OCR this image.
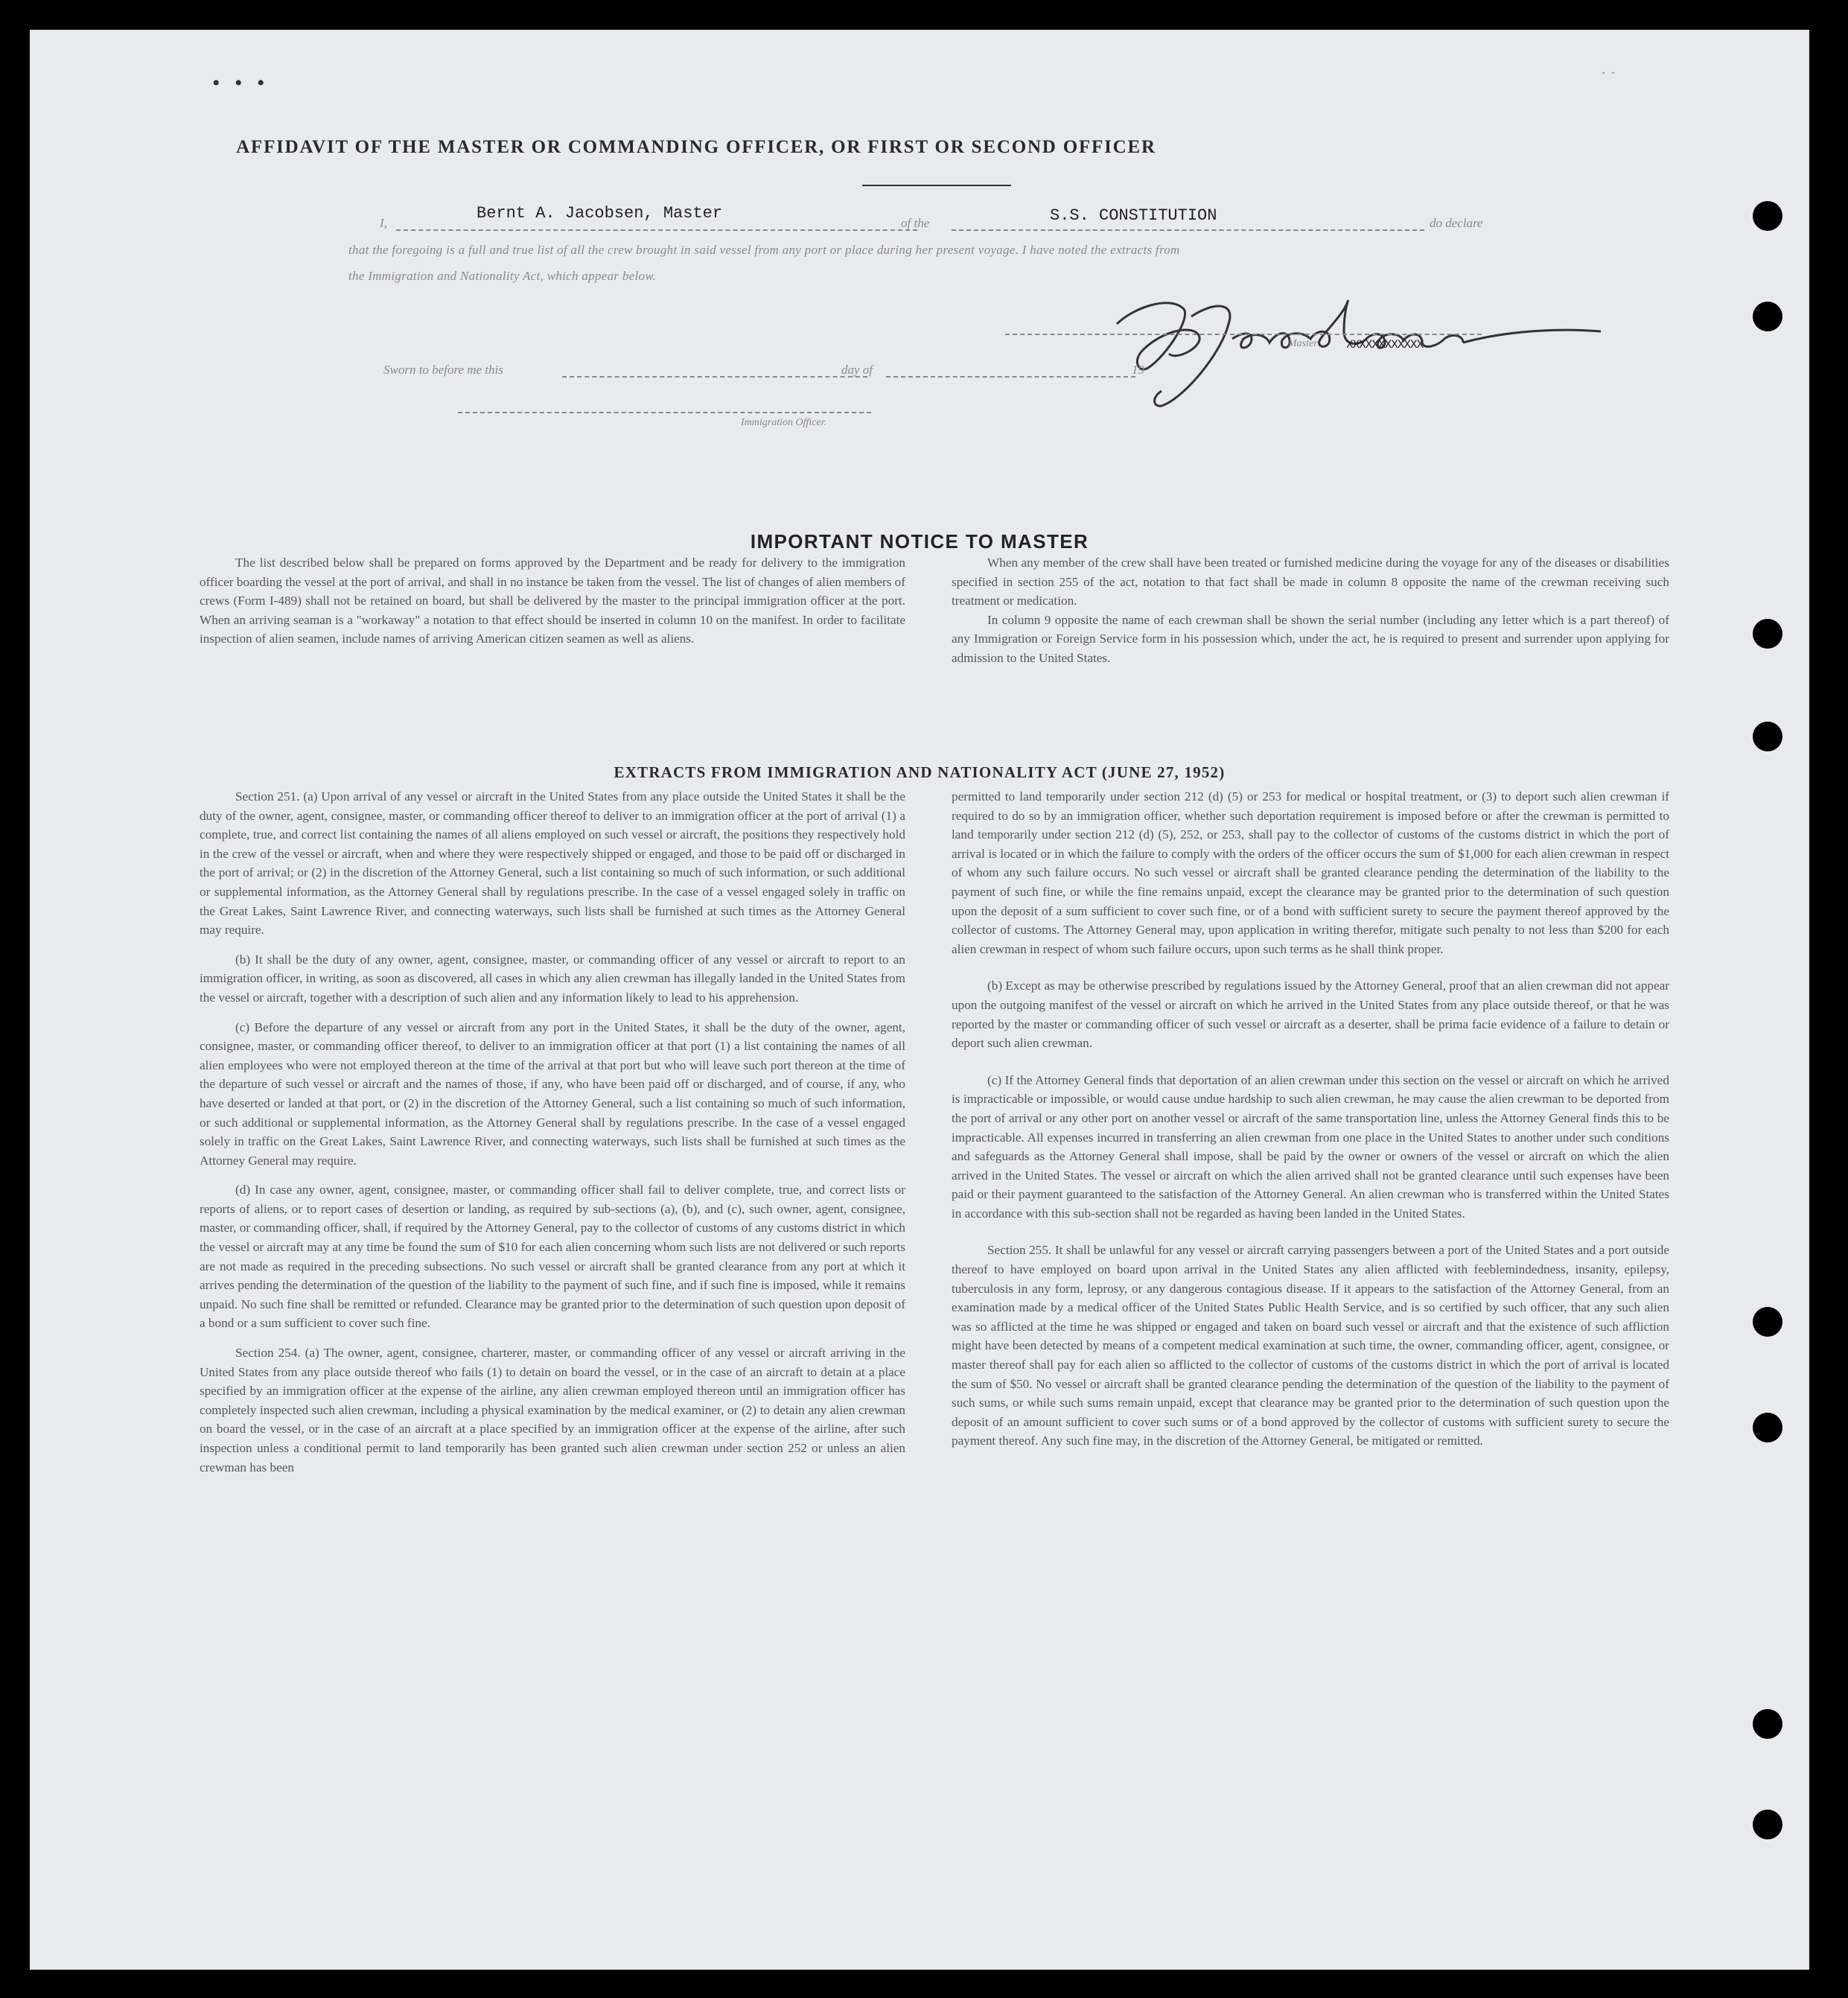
• • •	· ·
AFFIDAVIT OF THE MASTER OR COMMANDING OFFICER, OR FIRST OR SECOND OFFICER
I,
Bernt A. Jacobsen, Master
of the	S.S. CONSTITUTION	do declare
that the foregoing is a full and true list of all the crew brought in said vessel from any port or place during her present voyage. I have noted the extracts from
the Immigration and Nationality Act, which appear below.
Master XXXXXXXXXXXX
Sworn to before me this	day of	19
Immigration Officer.
IMPORTANT NOTICE TO MASTER

The list described below shall be prepared on forms approved by the Department and be ready for delivery to the immigration officer boarding the vessel at the port of arrival, and shall in no instance be taken from the vessel. The list of changes of alien members of crews (Form I-489) shall not be retained on board, but shall be delivered by the master to the principal immigration officer at the port. When an arriving seaman is a "workaway" a notation to that effect should be inserted in column 10 on the manifest. In order to facilitate inspection of alien seamen, include names of arriving American citizen seamen as well as aliens.

When any member of the crew shall have been treated or furnished medicine during the voyage for any of the diseases or disabilities specified in section 255 of the act, notation to that fact shall be made in column 8 opposite the name of the crewman receiving such treatment or medication.

In column 9 opposite the name of each crewman shall be shown the serial number (including any letter which is a part thereof) of any Immigration or Foreign Service form in his possession which, under the act, he is required to present and surrender upon applying for admission to the United States.

EXTRACTS FROM IMMIGRATION AND NATIONALITY ACT (JUNE 27, 1952)

Section 251. (a) Upon arrival of any vessel or aircraft in the United States from any place outside the United States it shall be the duty of the owner, agent, consignee, master, or commanding officer thereof to deliver to an immigration officer at the port of arrival (1) a complete, true, and correct list containing the names of all aliens employed on such vessel or aircraft, the positions they respectively hold in the crew of the vessel or aircraft, when and where they were respectively shipped or engaged, and those to be paid off or discharged in the port of arrival; or (2) in the discretion of the Attorney General, such a list containing so much of such information, or such additional or supplemental information, as the Attorney General shall by regulations prescribe. In the case of a vessel engaged solely in traffic on the Great Lakes, Saint Lawrence River, and connecting waterways, such lists shall be furnished at such times as the Attorney General may require.

(b) It shall be the duty of any owner, agent, consignee, master, or commanding officer of any vessel or aircraft to report to an immigration officer, in writing, as soon as discovered, all cases in which any alien crewman has illegally landed in the United States from the vessel or aircraft, together with a description of such alien and any information likely to lead to his apprehension.

(c) Before the departure of any vessel or aircraft from any port in the United States, it shall be the duty of the owner, agent, consignee, master, or commanding officer thereof, to deliver to an immigration officer at that port (1) a list containing the names of all alien employees who were not employed thereon at the time of the arrival at that port but who will leave such port thereon at the time of the departure of such vessel or aircraft and the names of those, if any, who have been paid off or discharged, and of course, if any, who have deserted or landed at that port, or (2) in the discretion of the Attorney General, such a list containing so much of such information, or such additional or supplemental information, as the Attorney General shall by regulations prescribe. In the case of a vessel engaged solely in traffic on the Great Lakes, Saint Lawrence River, and connecting waterways, such lists shall be furnished at such times as the Attorney General may require.

(d) In case any owner, agent, consignee, master, or commanding officer shall fail to deliver complete, true, and correct lists or reports of aliens, or to report cases of desertion or landing, as required by sub-sections (a), (b), and (c), such owner, agent, consignee, master, or commanding officer, shall, if required by the Attorney General, pay to the collector of customs of any customs district in which the vessel or aircraft may at any time be found the sum of $10 for each alien concerning whom such lists are not delivered or such reports are not made as required in the preceding subsections. No such vessel or aircraft shall be granted clearance from any port at which it arrives pending the determination of the question of the liability to the payment of such fine, and if such fine is imposed, while it remains unpaid. No such fine shall be remitted or refunded. Clearance may be granted prior to the determination of such question upon deposit of a bond or a sum sufficient to cover such fine.

Section 254. (a) The owner, agent, consignee, charterer, master, or commanding officer of any vessel or aircraft arriving in the United States from any place outside thereof who fails (1) to detain on board the vessel, or in the case of an aircraft to detain at a place specified by an immigration officer at the expense of the airline, any alien crewman employed thereon until an immigration officer has completely inspected such alien crewman, including a physical examination by the medical examiner, or (2) to detain any alien crewman on board the vessel, or in the case of an aircraft at a place specified by an immigration officer at the expense of the airline, after such inspection unless a conditional permit to land temporarily has been granted such alien crewman under section 252 or unless an alien crewman has been

permitted to land temporarily under section 212 (d) (5) or 253 for medical or hospital treatment, or (3) to deport such alien crewman if required to do so by an immigration officer, whether such deportation requirement is imposed before or after the crewman is permitted to land temporarily under section 212 (d) (5), 252, or 253, shall pay to the collector of customs of the customs district in which the port of arrival is located or in which the failure to comply with the orders of the officer occurs the sum of $1,000 for each alien crewman in respect of whom any such failure occurs. No such vessel or aircraft shall be granted clearance pending the determination of the liability to the payment of such fine, or while the fine remains unpaid, except the clearance may be granted prior to the determination of such question upon the deposit of a sum sufficient to cover such fine, or of a bond with sufficient surety to secure the payment thereof approved by the collector of customs. The Attorney General may, upon application in writing therefor, mitigate such penalty to not less than $200 for each alien crewman in respect of whom such failure occurs, upon such terms as he shall think proper.

(b) Except as may be otherwise prescribed by regulations issued by the Attorney General, proof that an alien crewman did not appear upon the outgoing manifest of the vessel or aircraft on which he arrived in the United States from any place outside thereof, or that he was reported by the master or commanding officer of such vessel or aircraft as a deserter, shall be prima facie evidence of a failure to detain or deport such alien crewman.

(c) If the Attorney General finds that deportation of an alien crewman under this section on the vessel or aircraft on which he arrived is impracticable or impossible, or would cause undue hardship to such alien crewman, he may cause the alien crewman to be deported from the port of arrival or any other port on another vessel or aircraft of the same transportation line, unless the Attorney General finds this to be impracticable. All expenses incurred in transferring an alien crewman from one place in the United States to another under such conditions and safeguards as the Attorney General shall impose, shall be paid by the owner or owners of the vessel or aircraft on which the alien arrived in the United States. The vessel or aircraft on which the alien arrived shall not be granted clearance until such expenses have been paid or their payment guaranteed to the satisfaction of the Attorney General. An alien crewman who is transferred within the United States in accordance with this sub-section shall not be regarded as having been landed in the United States.

Section 255. It shall be unlawful for any vessel or aircraft carrying passengers between a port of the United States and a port outside thereof to have employed on board upon arrival in the United States any alien afflicted with feeblemindedness, insanity, epilepsy, tuberculosis in any form, leprosy, or any dangerous contagious disease. If it appears to the satisfaction of the Attorney General, from an examination made by a medical officer of the United States Public Health Service, and is so certified by such officer, that any such alien was so afflicted at the time he was shipped or engaged and taken on board such vessel or aircraft and that the existence of such affliction might have been detected by means of a competent medical examination at such time, the owner, commanding officer, agent, consignee, or master thereof shall pay for each alien so afflicted to the collector of customs of the customs district in which the port of arrival is located the sum of $50. No vessel or aircraft shall be granted clearance pending the determination of the question of the liability to the payment of such sums, or while such sums remain unpaid, except that clearance may be granted prior to the determination of such question upon the deposit of an amount sufficient to cover such sums or of a bond approved by the collector of customs with sufficient surety to secure the payment thereof. Any such fine may, in the discretion of the Attorney General, be mitigated or remitted.
